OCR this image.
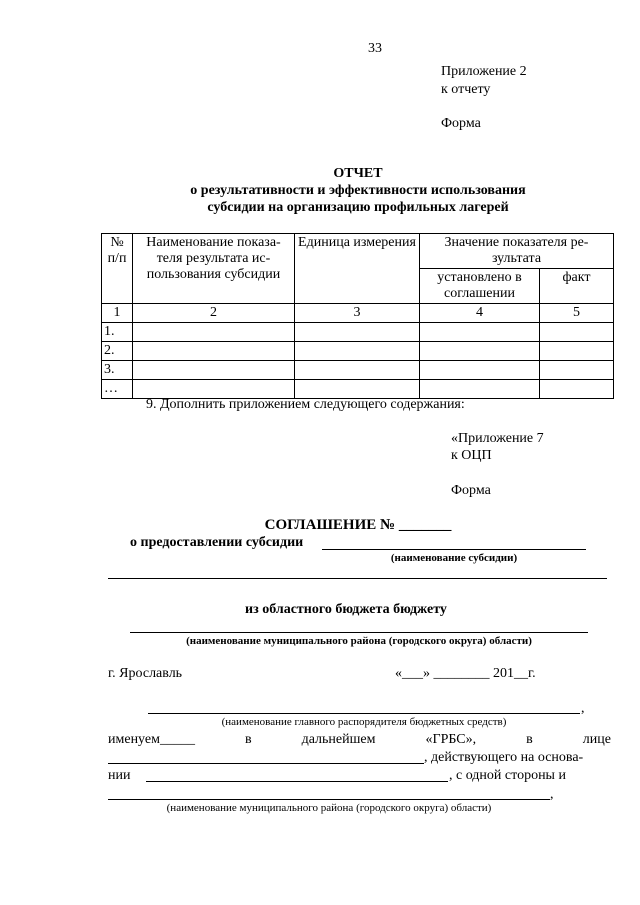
33
Приложение 2
к отчету
Форма
ОТЧЕТ
о результативности и эффективности использования
субсидии на организацию профильных лагерей
№ п/п	Наименование показа-теля результата ис-пользования субсидии	Единица измерения	Значение показателя ре-зультата	
			установлено в соглашении	факт
1	2	3	4	5
1.				
2.				
3.				
…				
9. Дополнить приложением следующего содержания:
«Приложение 7
к ОЦП
Форма
СОГЛАШЕНИЕ № _______
о предоставлении субсидии
(наименование субсидии)
из областного бюджета бюджету
(наименование муниципального района (городского округа) области)
г. Ярославль	«___» ________ 201__г.
,
(наименование главного распорядителя бюджетных средств)
именуем_____	в	дальнейшем	«ГРБС»,	в	лице
, действующего на основа-
нии	, с одной стороны и
,
(наименование муниципального района (городского округа) области)
